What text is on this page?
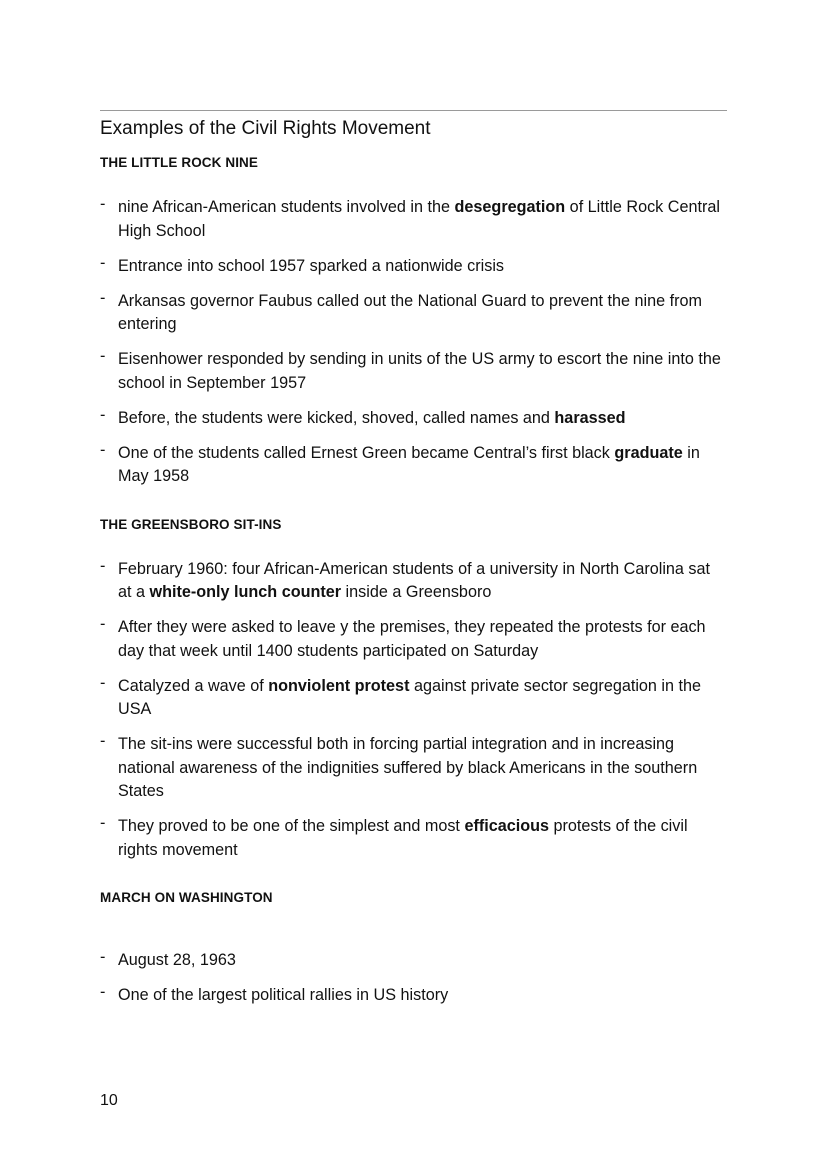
Examples of the Civil Rights Movement
THE LITTLE ROCK NINE
- nine African-American students involved in the desegregation of Little Rock Central High School
- Entrance into school 1957 sparked a nationwide crisis
- Arkansas governor Faubus called out the National Guard to prevent the nine from entering
- Eisenhower responded by sending in units of the US army to escort the nine into the school in September 1957
- Before, the students were kicked, shoved, called names and harassed
- One of the students called Ernest Green became Central’s first black graduate in May 1958
THE GREENSBORO SIT-INS
- February 1960: four African-American students of a university in North Carolina sat at a white-only lunch counter inside a Greensboro
- After they were asked to leave y the premises, they repeated the protests for each day that week until 1400 students participated on Saturday
- Catalyzed a wave of nonviolent protest against private sector segregation in the USA
- The sit-ins were successful both in forcing partial integration and in increasing national awareness of the indignities suffered by black Americans in the southern States
- They proved to be one of the simplest and most efficacious protests of the civil rights movement
MARCH ON WASHINGTON
- August 28, 1963
- One of the largest political rallies in US history
10
